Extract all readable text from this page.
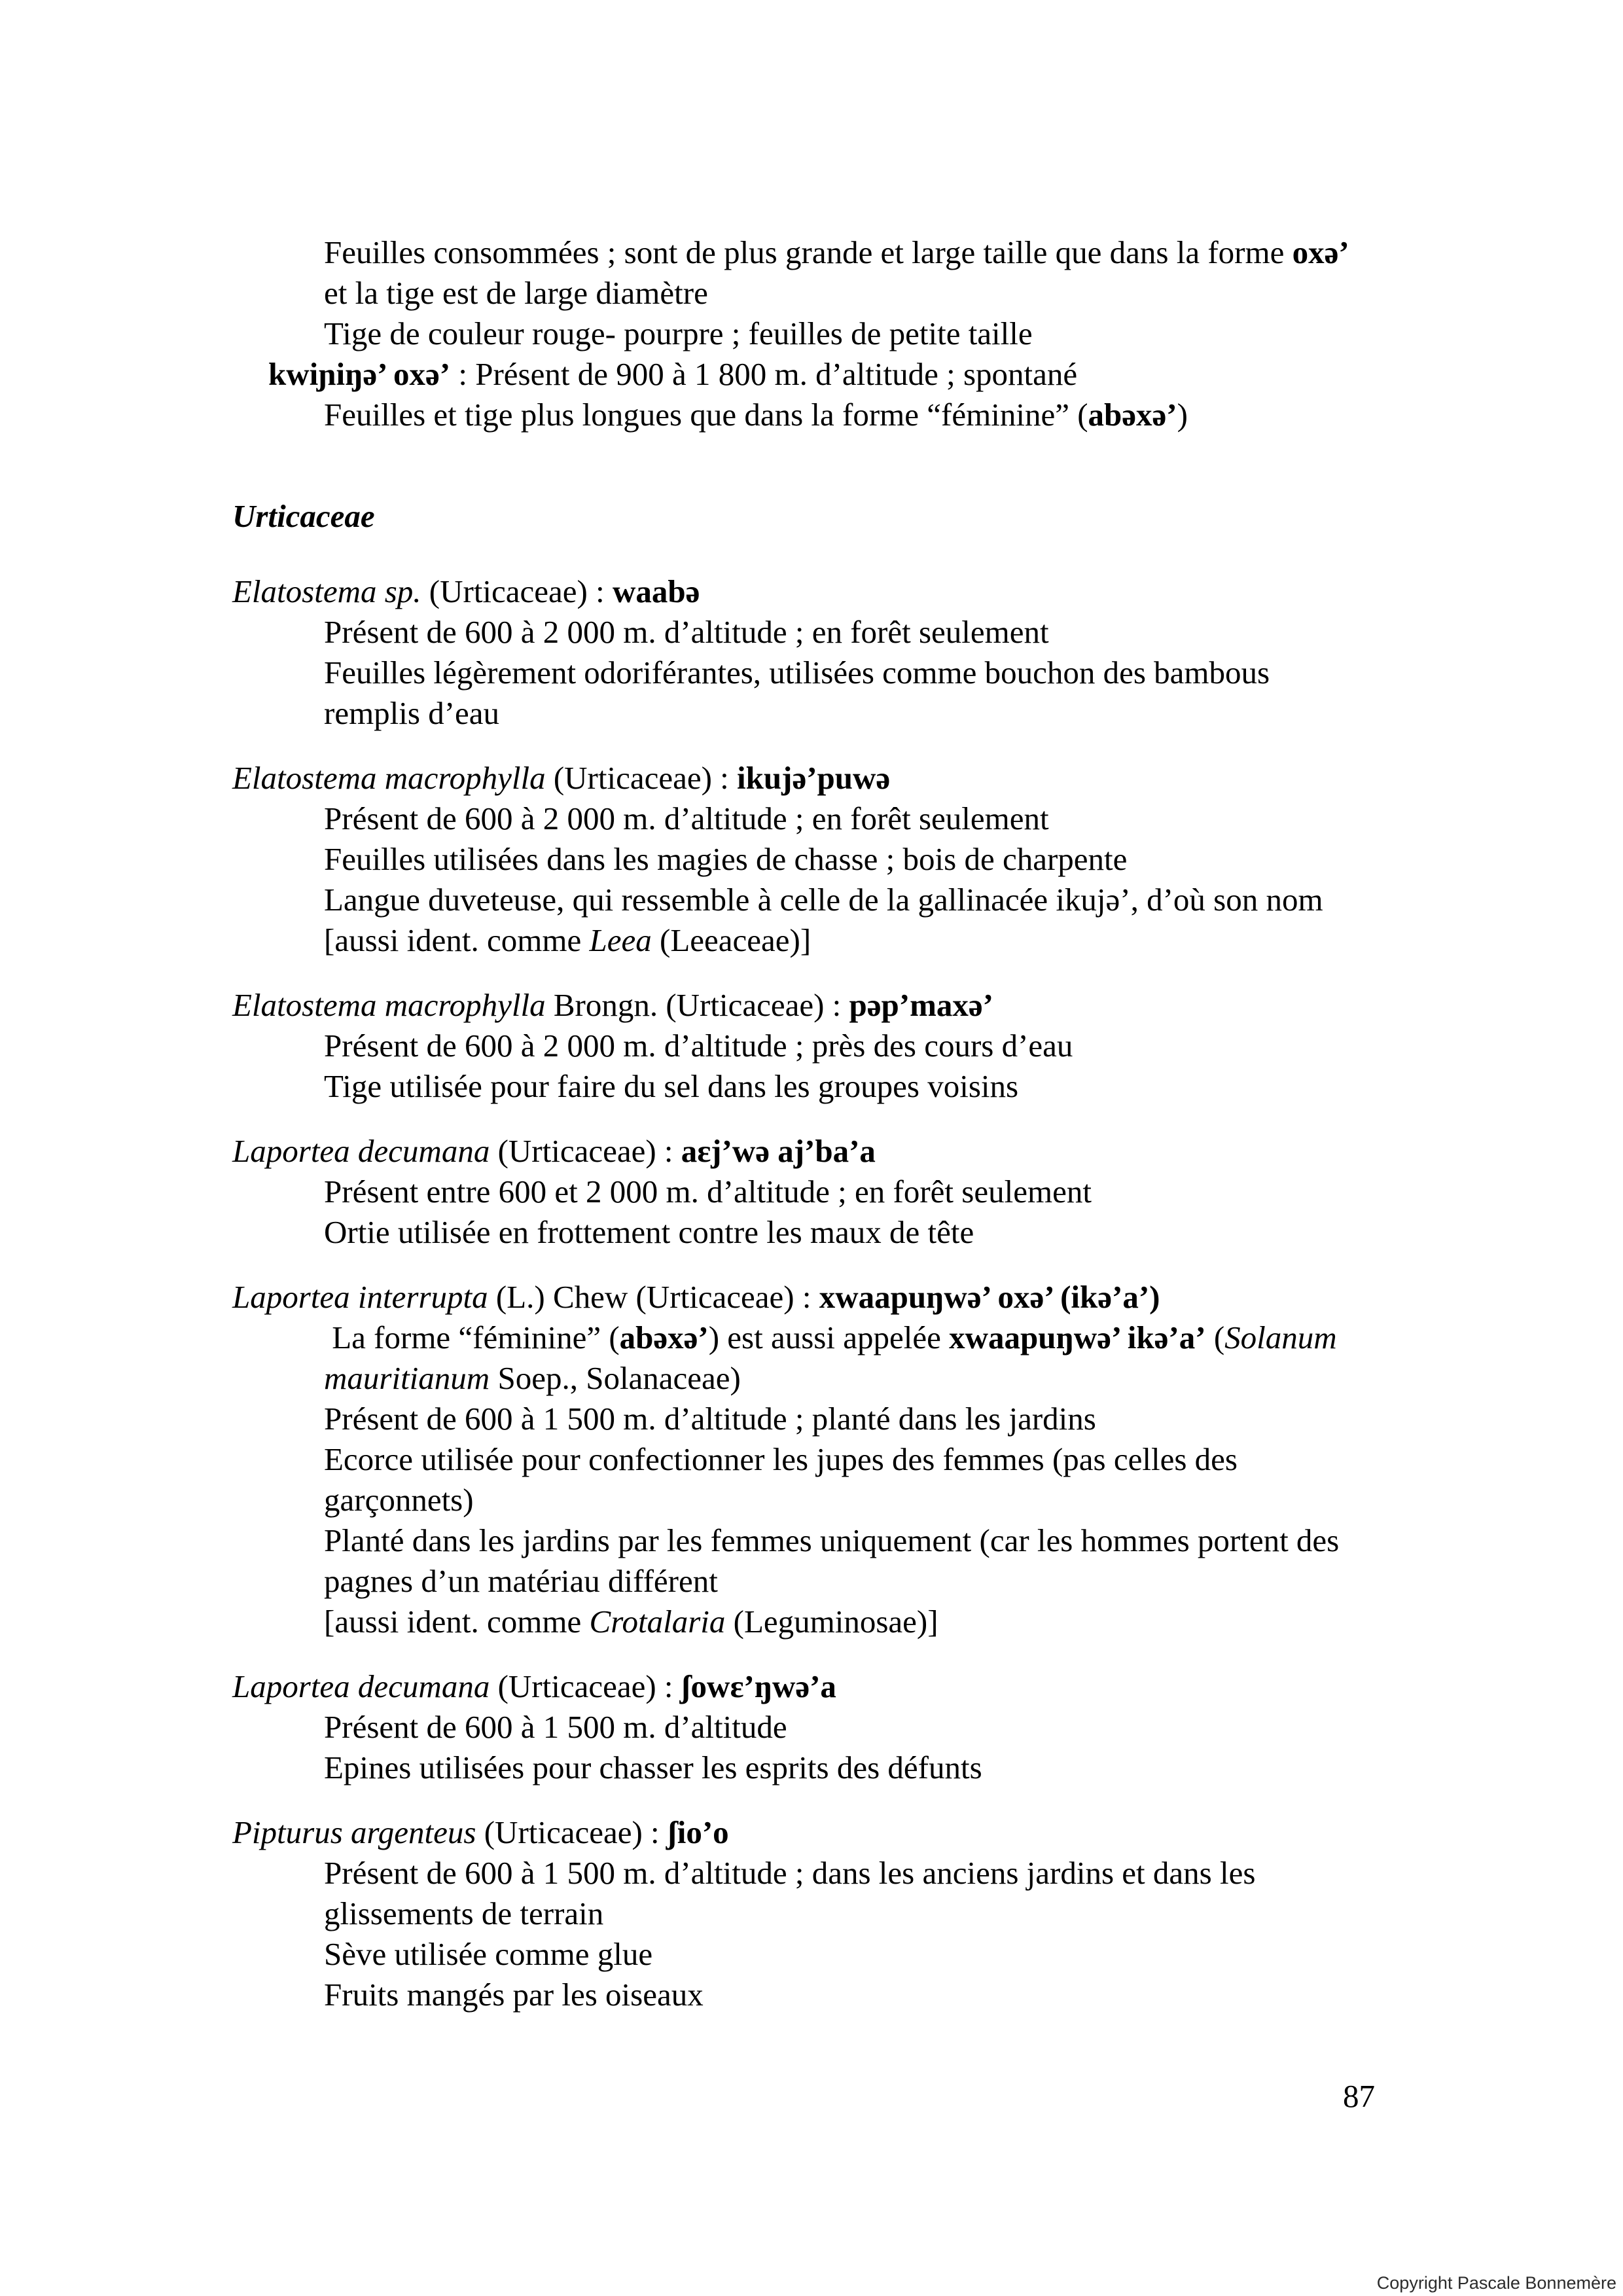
Feuilles consommées ; sont de plus grande et large taille que dans la forme oxə’
et la tige est de large diamètre
Tige de couleur rouge- pourpre ; feuilles de petite taille
kwiɲiŋə’ oxə’ : Présent de 900 à 1 800 m. d’altitude ; spontané
Feuilles et tige plus longues que dans la forme “féminine” (abəxə’)
Urticaceae
Elatostema sp. (Urticaceae) : waabə
Présent de 600 à 2 000 m. d’altitude ; en forêt seulement
Feuilles légèrement odoriférantes, utilisées comme bouchon des bambous
remplis d’eau
Elatostema macrophylla (Urticaceae) : ikujə’puwə
Présent de 600 à 2 000 m. d’altitude ; en forêt seulement
Feuilles utilisées dans les magies de chasse ; bois de charpente
Langue duveteuse, qui ressemble à celle de la gallinacée ikujə’, d’où son nom
[aussi ident. comme Leea (Leeaceae)]
Elatostema macrophylla Brongn. (Urticaceae) : pəp’maxə’
Présent de 600 à 2 000 m. d’altitude ; près des cours d’eau
Tige utilisée pour faire du sel dans les groupes voisins
Laportea decumana (Urticaceae) : aɛj’wə aj’ba’a
Présent entre 600 et 2 000 m. d’altitude ; en forêt seulement
Ortie utilisée en frottement contre les maux de tête
Laportea interrupta (L.) Chew (Urticaceae) : xwaapuŋwə’ oxə’ (ikə’a’)
La forme “féminine” (abəxə’) est aussi appelée xwaapuŋwə’ ikə’a’ (Solanum
mauritianum Soep., Solanaceae)
Présent de 600 à 1 500 m. d’altitude ; planté dans les jardins
Ecorce utilisée pour confectionner les jupes des femmes (pas celles des
garçonnets)
Planté dans les jardins par les femmes uniquement (car les hommes portent des
pagnes d’un matériau différent
[aussi ident. comme Crotalaria (Leguminosae)]
Laportea decumana (Urticaceae) : ʃowɛ’ŋwə’a
Présent de 600 à 1 500 m. d’altitude
Epines utilisées pour chasser les esprits des défunts
Pipturus argenteus (Urticaceae) : ʃio’o
Présent de 600 à 1 500 m. d’altitude ; dans les anciens jardins et dans les
glissements de terrain
Sève utilisée comme glue
Fruits mangés par les oiseaux
87
Copyright Pascale Bonnemère
